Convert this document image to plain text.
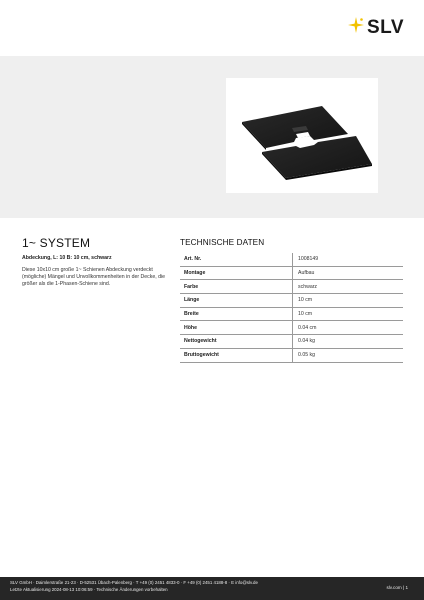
SLV
1~ SYSTEM

Abdeckung, L: 10 B: 10 cm, schwarz

Diese 10x10 cm große 1~ Schienen Abdeckung verdeckt (mögliche) Mängel und Unvollkommenheiten in der Decke, die größer als die 1-Phasen-Schiene sind.

TECHNISCHE DATEN
Art. Nr.	1008149
Montage	Aufbau
Farbe	schwarz
Länge	10 cm
Breite	10 cm
Höhe	0.04 cm
Nettogewicht	0.04 kg
Bruttogewicht	0.05 kg

SLV GmbH · Daimlerstraße 21-23 · D-52531 Übach-Palenberg · T +49 (0) 2451 4833-0 · F +49 (0) 2451 4188-8 · E info@slv.de

Letzte Aktualisierung 2024-08-13 10:06:59 · Technische Änderungen vorbehalten	slv.com | 1
